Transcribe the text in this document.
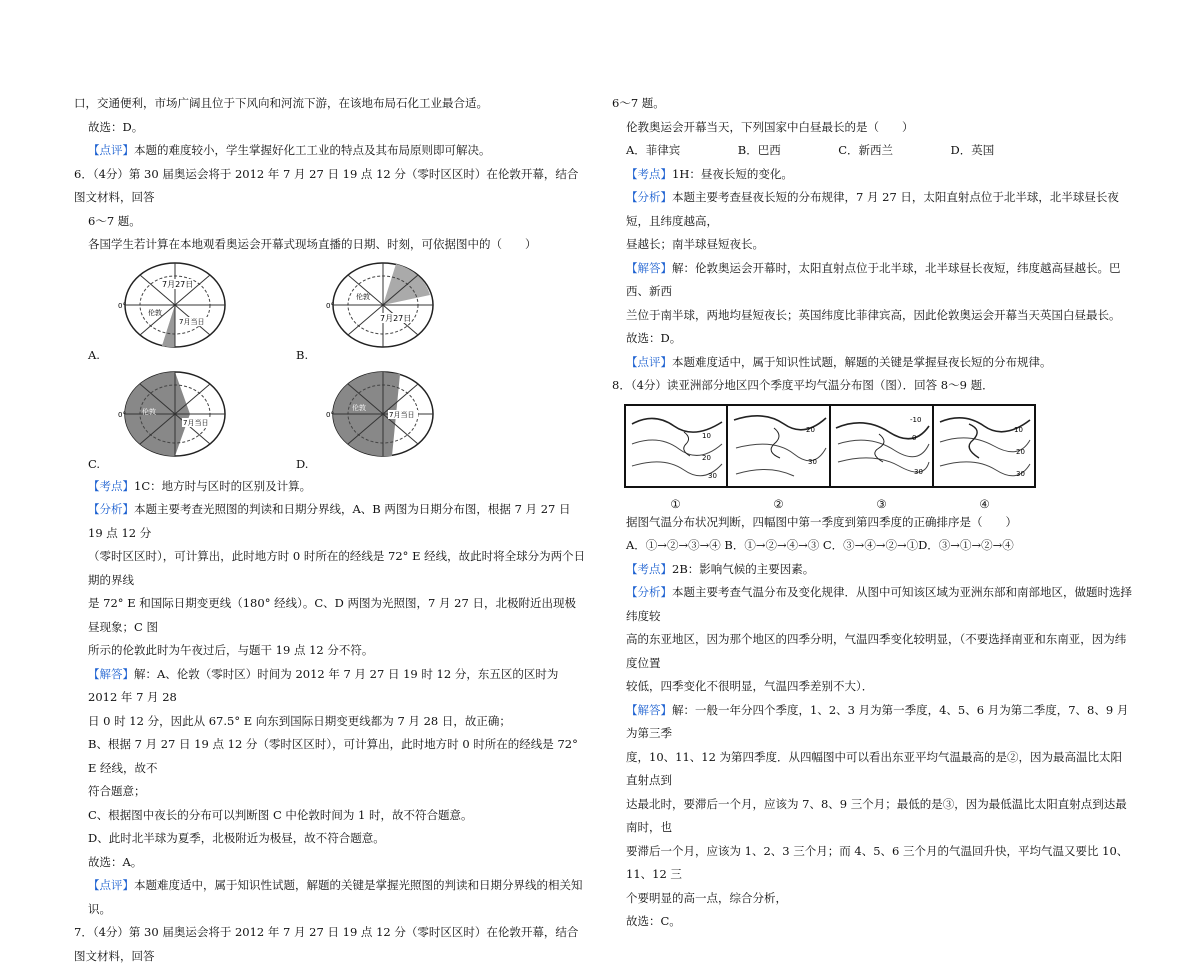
口，交通便利，市场广阔且位于下风向和河流下游，在该地布局石化工业最合适。

故选：D。

【点评】本题的难度较小，学生掌握好化工工业的特点及其布局原则即可解决。

6．（4分）第 30 届奥运会将于 2012 年 7 月 27 日 19 点 12 分（零时区区时）在伦敦开幕，结合图文材料，回答

6～7 题。

各国学生若计算在本地观看奥运会开幕式现场直播的日期、时刻，可依据图中的（　　）

7月27日
伦敦
0°
7月当日
A.
伦敦
7月27日
0°
B.
伦敦
0°
7月当日
C.
伦敦
0°	7月当日
D.

【考点】1C：地方时与区时的区别及计算。

【分析】本题主要考查光照图的判读和日期分界线，A、B 两图为日期分布图，根据 7 月 27 日 19 点 12 分

（零时区区时），可计算出，此时地方时 0 时所在的经线是 72° E 经线，故此时将全球分为两个日期的界线

是 72° E 和国际日期变更线（180° 经线）。C、D 两图为光照图，7 月 27 日，北极附近出现极昼现象；C 图

所示的伦敦此时为午夜过后，与题干 19 点 12 分不符。

【解答】解：A、伦敦（零时区）时间为 2012 年 7 月 27 日 19 时 12 分，东五区的区时为 2012 年 7 月 28

日 0 时 12 分，因此从 67.5° E 向东到国际日期变更线都为 7 月 28 日，故正确；

B、根据 7 月 27 日 19 点 12 分（零时区区时），可计算出，此时地方时 0 时所在的经线是 72° E 经线，故不

符合题意；

C、根据图中夜长的分布可以判断图 C 中伦敦时间为 1 时，故不符合题意。

D、此时北半球为夏季，北极附近为极昼，故不符合题意。

故选：A。

【点评】本题难度适中，属于知识性试题，解题的关键是掌握光照图的判读和日期分界线的相关知识。

7．（4分）第 30 届奥运会将于 2012 年 7 月 27 日 19 点 12 分（零时区区时）在伦敦开幕，结合图文材料，回答

6～7 题。

伦教奥运会开幕当天，下列国家中白昼最长的是（　　）

A．菲律宾　　　　　B．巴西　　　　　C．新西兰　　　　　D．英国

【考点】1H：昼夜长短的变化。

【分析】本题主要考查昼夜长短的分布规律，7 月 27 日，太阳直射点位于北半球，北半球昼长夜短，且纬度越高，

昼越长；南半球昼短夜长。

【解答】解：伦敦奥运会开幕时，太阳直射点位于北半球，北半球昼长夜短，纬度越高昼越长。巴西、新西

兰位于南半球，两地均昼短夜长；英国纬度比菲律宾高，因此伦敦奥运会开幕当天英国白昼最长。

故选：D。

【点评】本题难度适中，属于知识性试题，解题的关键是掌握昼夜长短的分布规律。

8．（4分）读亚洲部分地区四个季度平均气温分布图（图）．回答 8～9 题．

10
20
30
20
30
-10
0
30
10
20
30
①	②	③	④

据图气温分布状况判断，四幅图中第一季度到第四季度的正确排序是（　　）

A．①→②→③→④ B．①→②→④→③ C．③→④→②→①D．③→①→②→④

【考点】2B：影响气候的主要因素。

【分析】本题主要考查气温分布及变化规律．从图中可知该区域为亚洲东部和南部地区，做题时选择纬度较

高的东亚地区，因为那个地区的四季分明，气温四季变化较明显，（不要选择南亚和东南亚，因为纬度位置

较低，四季变化不很明显，气温四季差别不大）．

【解答】解：一般一年分四个季度，1、2、3 月为第一季度，4、5、6 月为第二季度，7、8、9 月为第三季

度，10、11、12 为第四季度．从四幅图中可以看出东亚平均气温最高的是②，因为最高温比太阳直射点到

达最北时，要滞后一个月，应该为 7、8、9 三个月；最低的是③，因为最低温比太阳直射点到达最南时，也

要滞后一个月，应该为 1、2、3 三个月；而 4、5、6 三个月的气温回升快，平均气温又要比 10、11、12 三

个要明显的高一点，综合分析，

故选：C。
